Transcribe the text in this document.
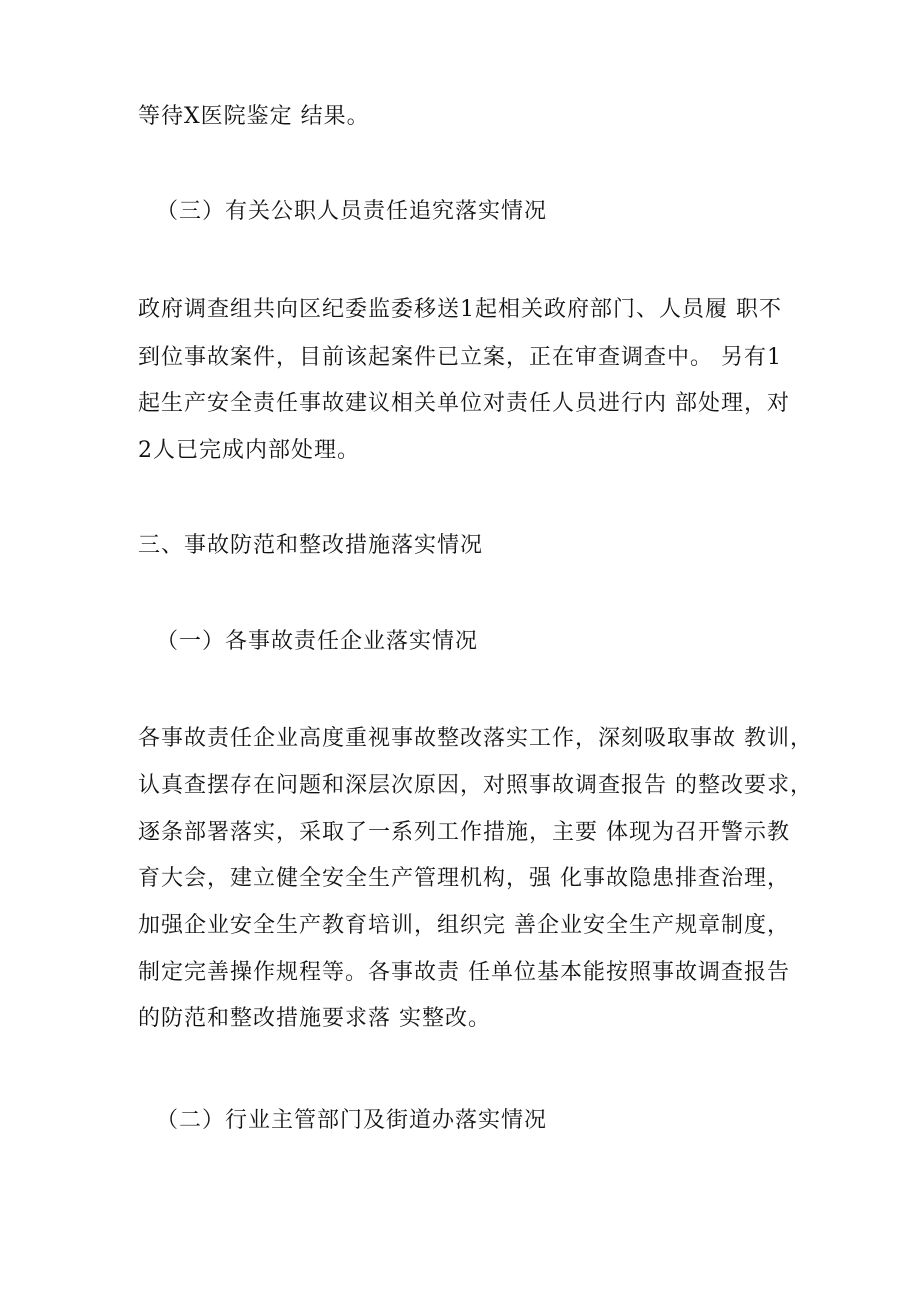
等待X医院鉴定 结果。
（三）有关公职人员责任追究落实情况
政府调查组共向区纪委监委移送1起相关政府部门、人员履 职不
到位事故案件，目前该起案件已立案，正在审查调查中。 另有1
起生产安全责任事故建议相关单位对责任人员进行内 部处理，对
2人已完成内部处理。
三、事故防范和整改措施落实情况
（一）各事故责任企业落实情况
各事故责任企业高度重视事故整改落实工作，深刻吸取事故 教训，
认真查摆存在问题和深层次原因，对照事故调查报告 的整改要求，
逐条部署落实，采取了一系列工作措施，主要 体现为召开警示教
育大会，建立健全安全生产管理机构，强 化事故隐患排查治理，
加强企业安全生产教育培训，组织完 善企业安全生产规章制度，
制定完善操作规程等。各事故责 任单位基本能按照事故调查报告
的防范和整改措施要求落 实整改。
（二）行业主管部门及街道办落实情况
